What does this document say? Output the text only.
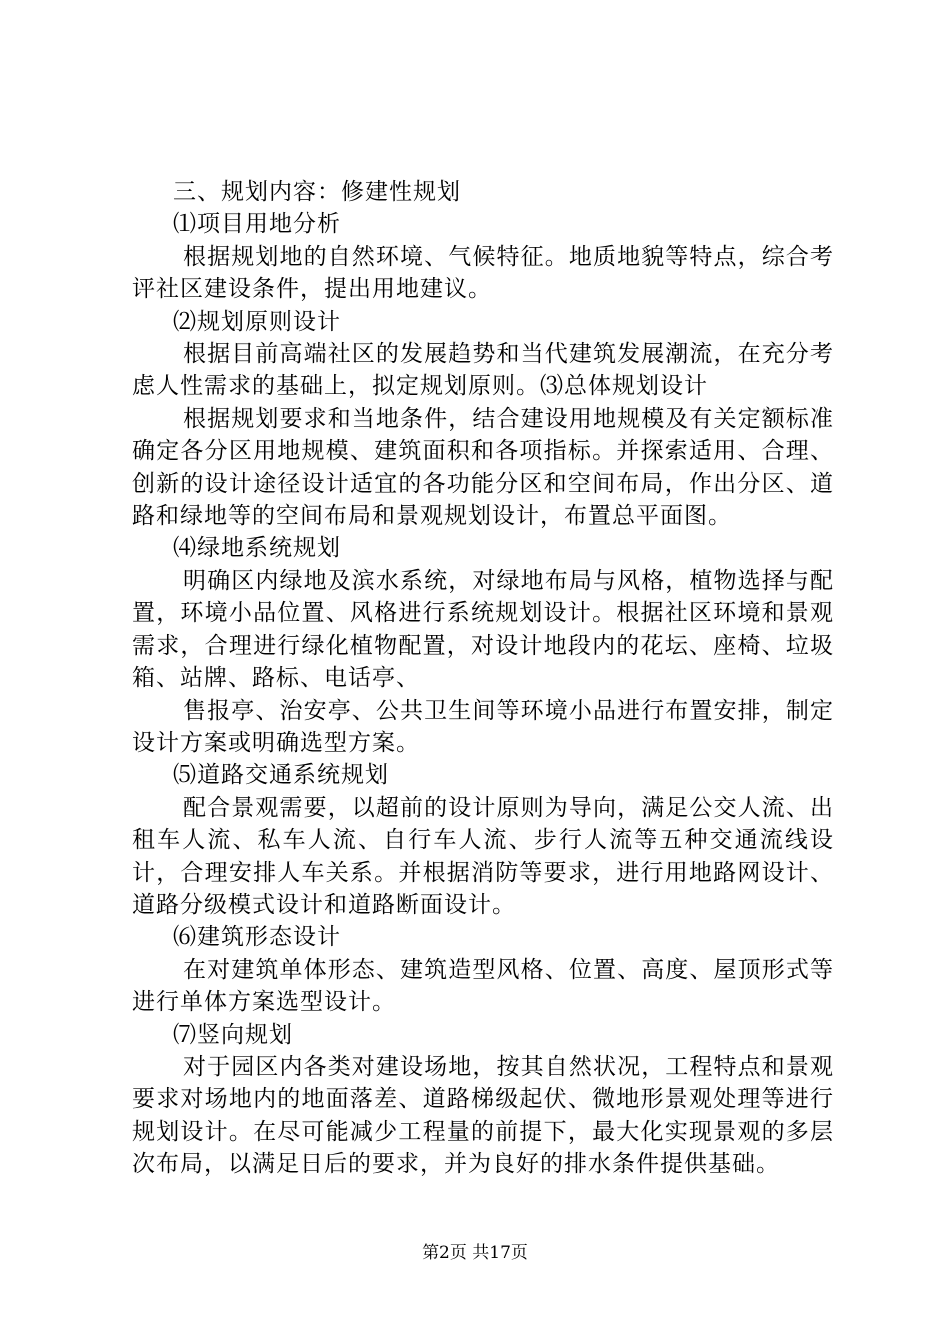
三、规划内容：修建性规划

⑴项目用地分析

根据规划地的自然环境、气候特征。地质地貌等特点，综合考评社区建设条件，提出用地建议。

⑵规划原则设计

根据目前高端社区的发展趋势和当代建筑发展潮流，在充分考虑人性需求的基础上，拟定规划原则。⑶总体规划设计

根据规划要求和当地条件，结合建设用地规模及有关定额标准确定各分区用地规模、建筑面积和各项指标。并探索适用、合理、创新的设计途径设计适宜的各功能分区和空间布局，作出分区、道路和绿地等的空间布局和景观规划设计，布置总平面图。

⑷绿地系统规划

明确区内绿地及滨水系统，对绿地布局与风格，植物选择与配置，环境小品位置、风格进行系统规划设计。根据社区环境和景观需求，合理进行绿化植物配置，对设计地段内的花坛、座椅、垃圾箱、站牌、路标、电话亭、

售报亭、治安亭、公共卫生间等环境小品进行布置安排，制定设计方案或明确选型方案。

⑸道路交通系统规划

配合景观需要，以超前的设计原则为导向，满足公交人流、出租车人流、私车人流、自行车人流、步行人流等五种交通流线设计，合理安排人车关系。并根据消防等要求，进行用地路网设计、道路分级模式设计和道路断面设计。

⑹建筑形态设计

在对建筑单体形态、建筑造型风格、位置、高度、屋顶形式等进行单体方案选型设计。

⑺竖向规划

对于园区内各类对建设场地，按其自然状况，工程特点和景观要求对场地内的地面落差、道路梯级起伏、微地形景观处理等进行规划设计。在尽可能减少工程量的前提下，最大化实现景观的多层次布局，以满足日后的要求，并为良好的排水条件提供基础。

第2页 共17页
